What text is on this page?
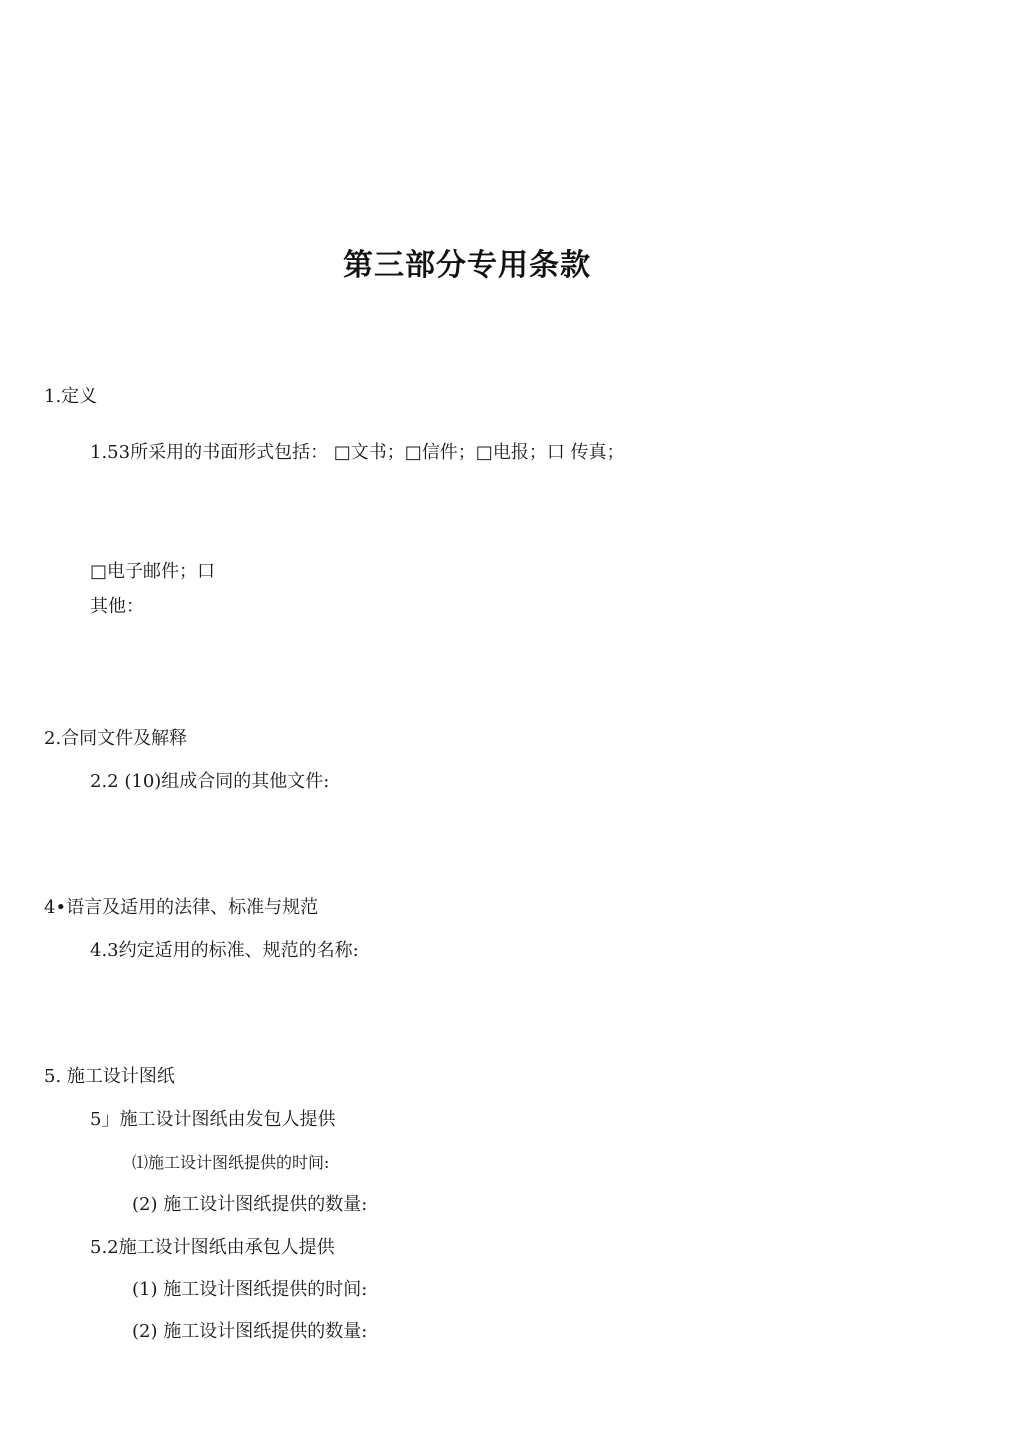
第三部分专用条款
1.定义
1.53所采用的书面形式包括： □文书；□信件；□电报；口 传真；
□电子邮件；口
其他：
2.合同文件及解释
2.2 (10)组成合同的其他文件:
4•语言及适用的法律、标准与规范
4.3约定适用的标准、规范的名称:
5. 施工设计图纸
5」施工设计图纸由发包人提供
⑴施工设计图纸提供的时间:
(2) 施工设计图纸提供的数量:
5.2施工设计图纸由承包人提供
(1) 施工设计图纸提供的时间:
(2) 施工设计图纸提供的数量:
